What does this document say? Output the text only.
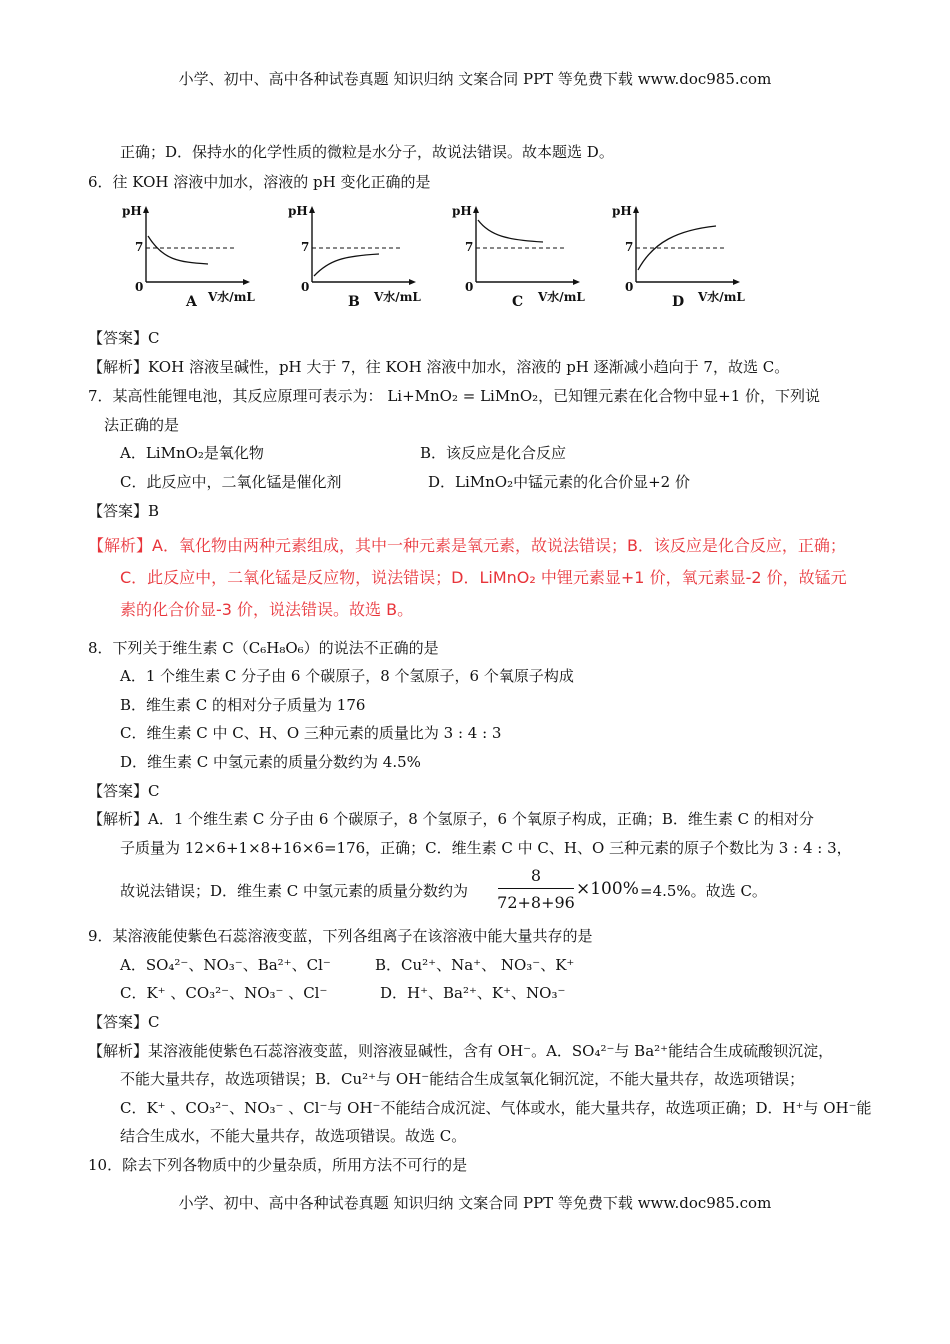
小学、初中、高中各种试卷真题 知识归纳 文案合同 PPT 等免费下载 www.doc985.com
正确；D．保持水的化学性质的微粒是水分子，故说法错误。故本题选 D。
6．往 KOH 溶液中加水，溶液的 pH 变化正确的是
pH
7
0
V水/mL
A
pH
7
0
V水/mL
B
pH
7
0
V水/mL
C
pH
7
0
V水/mL
D
【答案】C
【解析】KOH 溶液呈碱性，pH 大于 7，往 KOH 溶液中加水，溶液的 pH 逐渐减小趋向于 7，故选 C。
7．某高性能锂电池，其反应原理可表示为： Li+MnO₂ = LiMnO₂，已知锂元素在化合物中显+1 价，下列说
法正确的是
A．LiMnO₂是氧化物	B．该反应是化合反应
C．此反应中，二氧化锰是催化剂	D．LiMnO₂中锰元素的化合价显+2 价
【答案】B
【解析】A．氧化物由两种元素组成，其中一种元素是氧元素，故说法错误；B．该反应是化合反应，正确；
C．此反应中，二氧化锰是反应物，说法错误；D．LiMnO₂ 中锂元素显+1 价，氧元素显-2 价，故锰元
素的化合价显-3 价，说法错误。故选 B。
8．下列关于维生素 C（C₆H₈O₆）的说法不正确的是
A．1 个维生素 C 分子由 6 个碳原子，8 个氢原子，6 个氧原子构成
B．维生素 C 的相对分子质量为 176
C．维生素 C 中 C、H、O 三种元素的质量比为 3 : 4 : 3
D．维生素 C 中氢元素的质量分数约为 4.5%
【答案】C
【解析】A．1 个维生素 C 分子由 6 个碳原子，8 个氢原子，6 个氧原子构成，正确；B．维生素 C 的相对分
子质量为 12×6+1×8+16×6=176，正确；C．维生素 C 中 C、H、O 三种元素的原子个数比为 3 : 4 : 3，
故说法错误；D．维生素 C 中氢元素的质量分数约为
8
72+8+96
×100% =4.5%。故选 C。
9．某溶液能使紫色石蕊溶液变蓝，下列各组离子在该溶液中能大量共存的是
A．SO₄²⁻、NO₃⁻、Ba²⁺、Cl⁻	B．Cu²⁺、Na⁺、 NO₃⁻、K⁺
C．K⁺ 、CO₃²⁻、NO₃⁻ 、Cl⁻	D．H⁺、Ba²⁺、K⁺、NO₃⁻
【答案】C
【解析】某溶液能使紫色石蕊溶液变蓝，则溶液显碱性，含有 OH⁻。A．SO₄²⁻与 Ba²⁺能结合生成硫酸钡沉淀，
不能大量共存，故选项错误；B．Cu²⁺与 OH⁻能结合生成氢氧化铜沉淀，不能大量共存，故选项错误；
C．K⁺ 、CO₃²⁻、NO₃⁻ 、Cl⁻与 OH⁻不能结合成沉淀、气体或水，能大量共存，故选项正确；D．H⁺与 OH⁻能
结合生成水，不能大量共存，故选项错误。故选 C。
10．除去下列各物质中的少量杂质，所用方法不可行的是
小学、初中、高中各种试卷真题 知识归纳 文案合同 PPT 等免费下载 www.doc985.com
